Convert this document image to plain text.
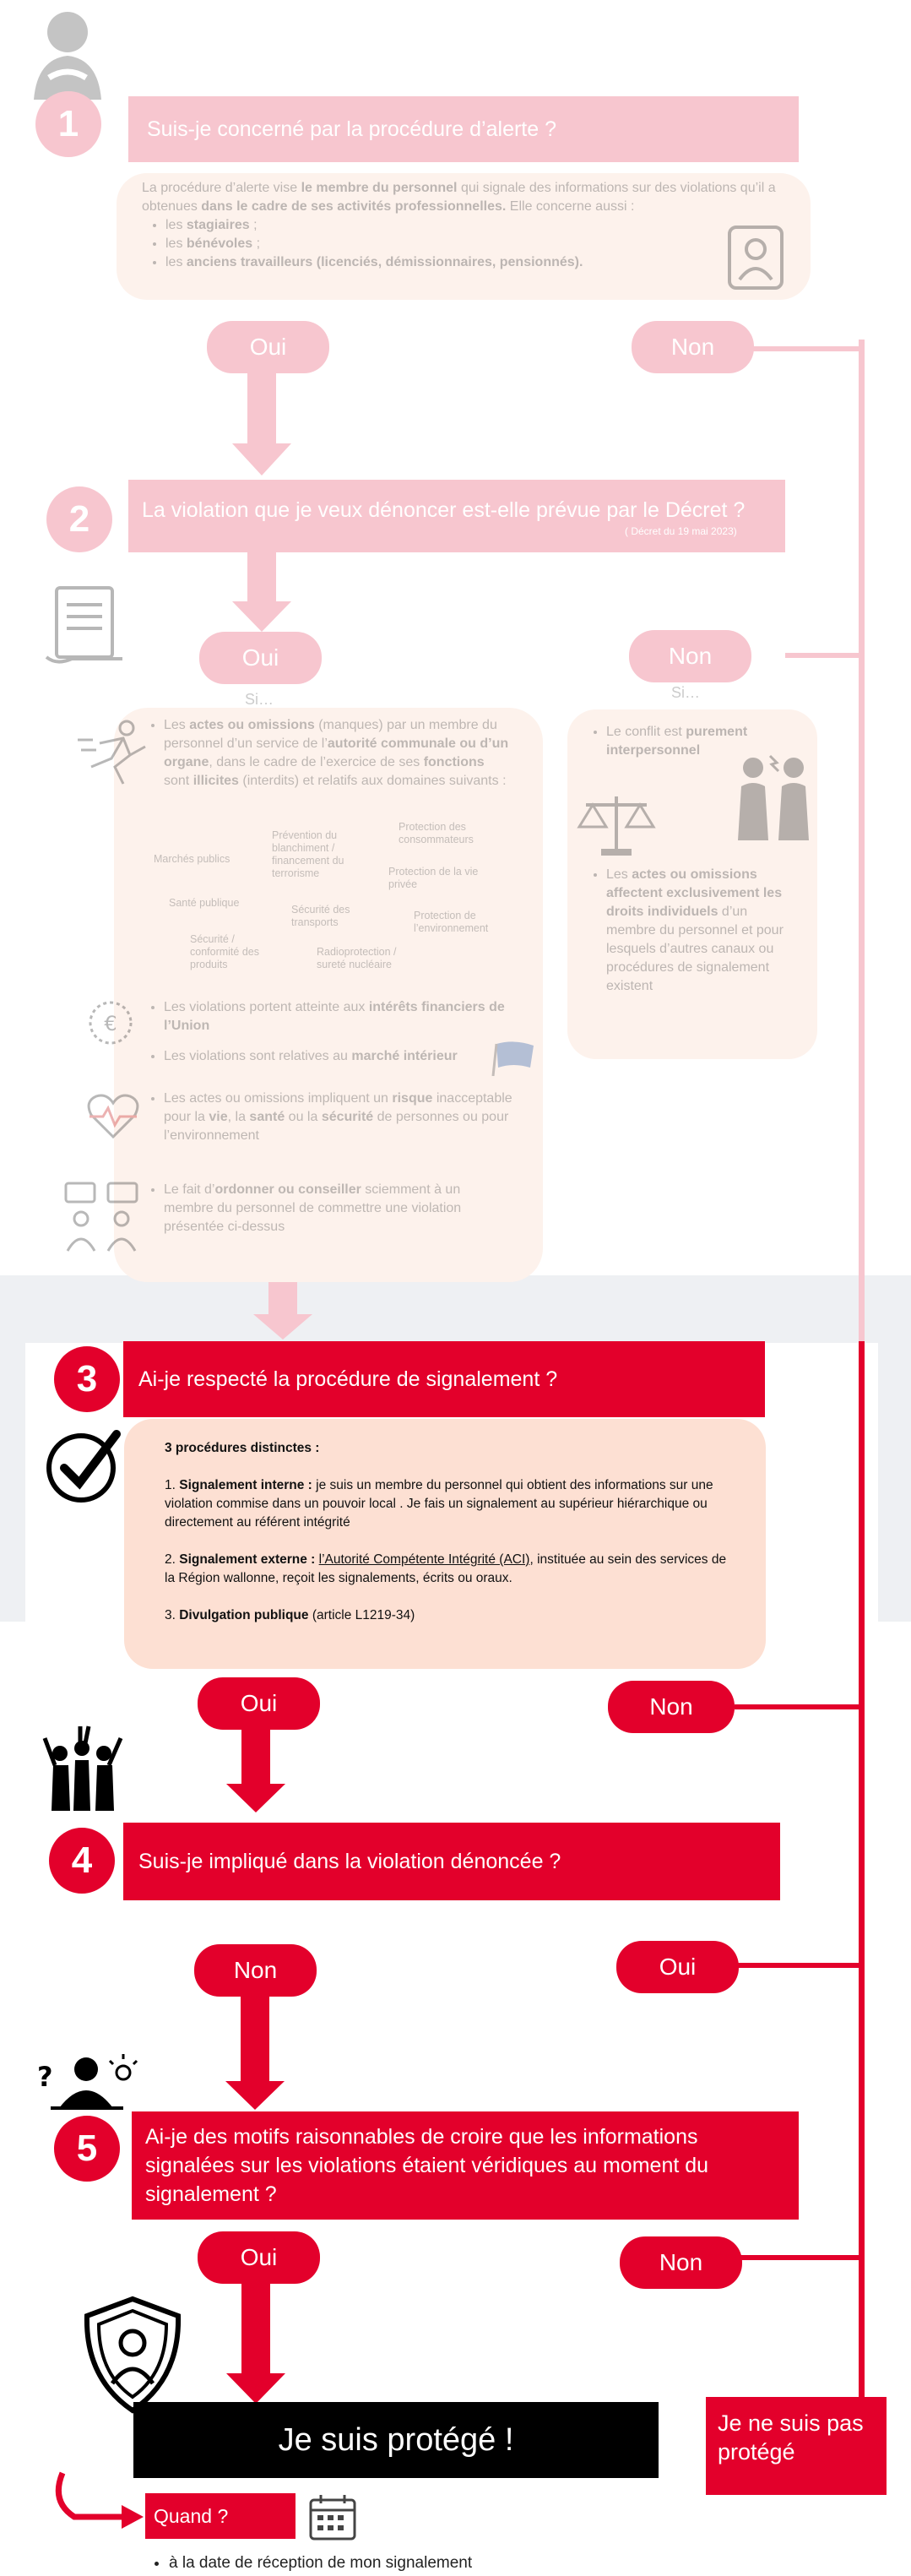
1	Suis-je concerné par la procédure d’alerte ?
La procédure d’alerte vise le membre du personnel qui signale des informations sur des violations qu’il a obtenues dans le cadre de ses activités professionnelles. Elle concerne aussi :
• les stagiaires ;
• les bénévoles ;
• les anciens travailleurs (licenciés, démissionnaires, pensionnés).
Oui	Non
2 La violation que je veux dénoncer est-elle prévue par le Décret ?
( Décret du 19 mai 2023)
Oui	Non
Si…	Si…
• Les actes ou omissions (manques) par un membre du personnel d’un service de l’autorité communale ou d’un organe, dans le cadre de l’exercice de ses fonctions sont illicites (interdits) et relatifs aux domaines suivants :
Marchés publics
Prévention du blanchiment / financement du terrorisme
Protection des consommateurs
Santé publique
Sécurité des transports
Protection de la vie privée
Protection de l’environnement
Sécurité / conformité des produits
Radioprotection / sureté nucléaire
€
• Les violations portent atteinte aux intérêts financiers de l’Union
• Les violations sont relatives au marché intérieur
• Les actes ou omissions impliquent un risque inacceptable pour la vie, la santé ou la sécurité de personnes ou pour l’environnement
• Le fait d’ordonner ou conseiller sciemment à un membre du personnel de commettre une violation présentée ci-dessus
• Le conflit est purement interpersonnel
• Les actes ou omissions affectent exclusivement les droits individuels d’un membre du personnel et pour lesquels d’autres canaux ou procédures de signalement existent
3 Ai-je respecté la procédure de signalement ?
3 procédures distinctes :
1. Signalement interne : je suis un membre du personnel qui obtient des informations sur une violation commise dans un pouvoir local . Je fais un signalement au supérieur hiérarchique ou directement au référent intégrité
2. Signalement externe : l’Autorité Compétente Intégrité (ACI), instituée au sein des services de la Région wallonne, reçoit les signalements, écrits ou oraux.
3. Divulgation publique (article L1219-34)
Oui	Non
4 Suis-je impliqué dans la violation dénoncée ?
Non	Oui
?
5 Ai-je des motifs raisonnables de croire que les informations signalées sur les violations étaient véridiques au moment du signalement ?
Oui	Non
Je suis protégé !	Je ne suis pas protégé
Quand ?
• à la date de réception de mon signalement
